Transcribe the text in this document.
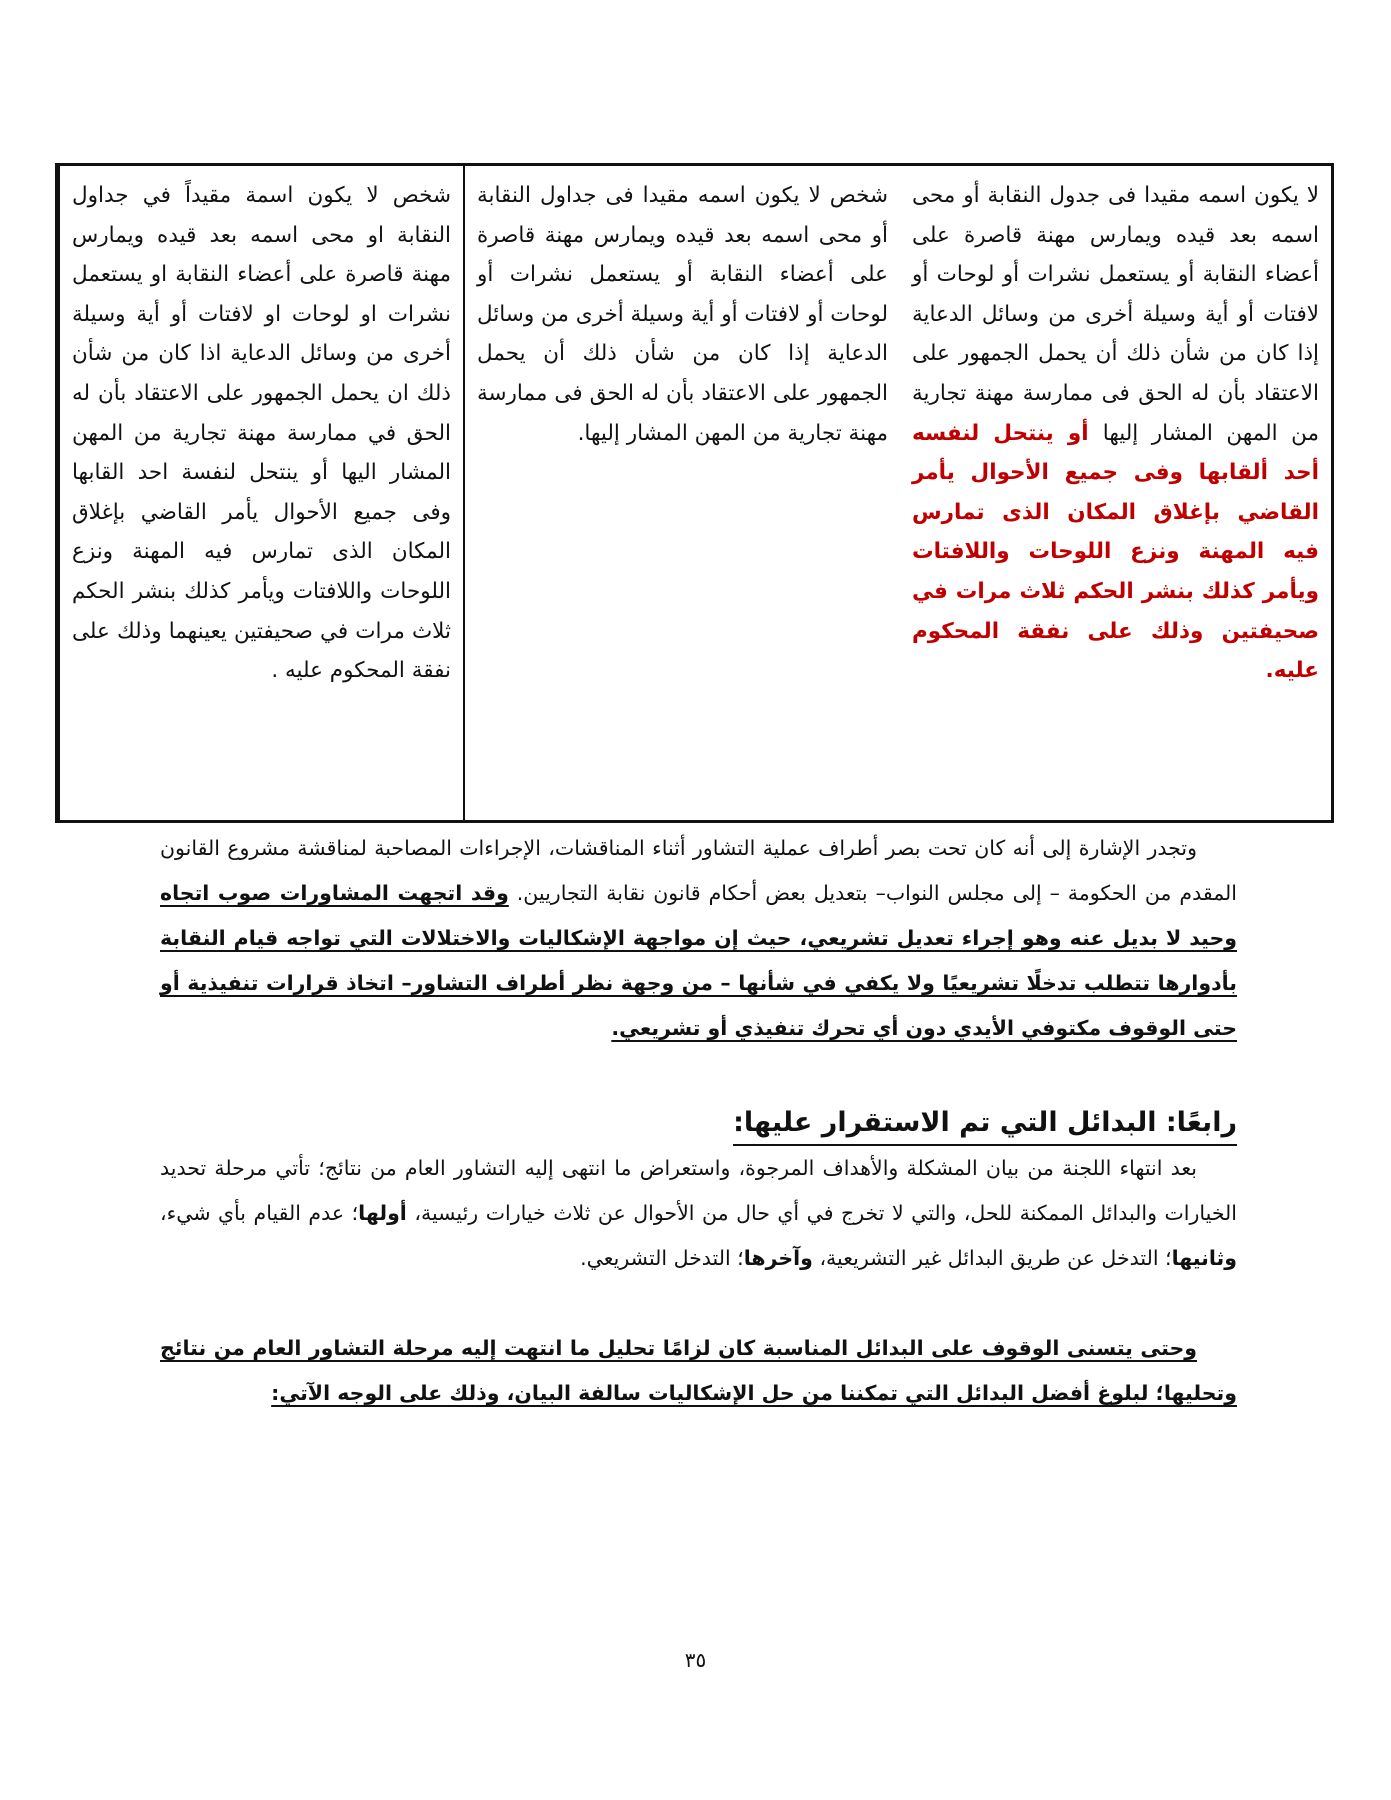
لا يكون اسمه مقيدا فى جدول النقابة أو محى اسمه بعد قيده ويمارس مهنة قاصرة على أعضاء النقابة أو يستعمل نشرات أو لوحات أو لافتات أو أية وسيلة أخرى من وسائل الدعاية إذا كان من شأن ذلك أن يحمل الجمهور على الاعتقاد بأن له الحق فى ممارسة مهنة تجارية من المهن المشار إليها أو ينتحل لنفسه أحد ألقابها وفى جميع الأحوال يأمر القاضي بإغلاق المكان الذى تمارس فيه المهنة ونزع اللوحات واللافتات ويأمر كذلك بنشر الحكم ثلاث مرات في صحيفتين وذلك على نفقة المحكوم عليه.
شخص لا يكون اسمه مقيدا فى جداول النقابة أو محى اسمه بعد قيده ويمارس مهنة قاصرة على أعضاء النقابة أو يستعمل نشرات أو لوحات أو لافتات أو أية وسيلة أخرى من وسائل الدعاية إذا كان من شأن ذلك أن يحمل الجمهور على الاعتقاد بأن له الحق فى ممارسة مهنة تجارية من المهن المشار إليها.
شخص لا يكون اسمة مقيداً في جداول النقابة او محى اسمه بعد قيده ويمارس مهنة قاصرة على أعضاء النقابة او يستعمل نشرات او لوحات او لافتات أو أية وسيلة أخرى من وسائل الدعاية اذا كان من شأن ذلك ان يحمل الجمهور على الاعتقاد بأن له الحق في ممارسة مهنة تجارية من المهن المشار اليها أو ينتحل لنفسة احد القابها وفى جميع الأحوال يأمر القاضي بإغلاق المكان الذى تمارس فيه المهنة ونزع اللوحات واللافتات ويأمر كذلك بنشر الحكم ثلاث مرات في صحيفتين يعينهما وذلك على نفقة المحكوم عليه .
وتجدر الإشارة إلى أنه كان تحت بصر أطراف عملية التشاور أثناء المناقشات، الإجراءات المصاحبة لمناقشة مشروع القانون المقدم من الحكومة – إلى مجلس النواب– بتعديل بعض أحكام قانون نقابة التجاريين. وقد اتجهت المشاورات صوب اتجاه وحيد لا بديل عنه وهو إجراء تعديل تشريعي، حيث إن مواجهة الإشكاليات والاختلالات التي تواجه قيام النقابة بأدوارها تتطلب تدخلًا تشريعيًا ولا يكفي في شأنها – من وجهة نظر أطراف التشاور– اتخاذ قرارات تنفيذية أو حتى الوقوف مكتوفي الأيدي دون أي تحرك تنفيذي أو تشريعي.
رابعًا: البدائل التي تم الاستقرار عليها:
بعد انتهاء اللجنة من بيان المشكلة والأهداف المرجوة، واستعراض ما انتهى إليه التشاور العام من نتائج؛ تأتي مرحلة تحديد الخيارات والبدائل الممكنة للحل، والتي لا تخرج في أي حال من الأحوال عن ثلاث خيارات رئيسية، أولها؛ عدم القيام بأي شيء، وثانيها؛ التدخل عن طريق البدائل غير التشريعية، وآخرها؛ التدخل التشريعي.
وحتى يتسنى الوقوف على البدائل المناسبة كان لزامًا تحليل ما انتهت إليه مرحلة التشاور العام من نتائج وتحليها؛ لبلوغ أفضل البدائل التي تمكننا من حل الإشكاليات سالفة البيان، وذلك على الوجه الآتي:
٣٥
